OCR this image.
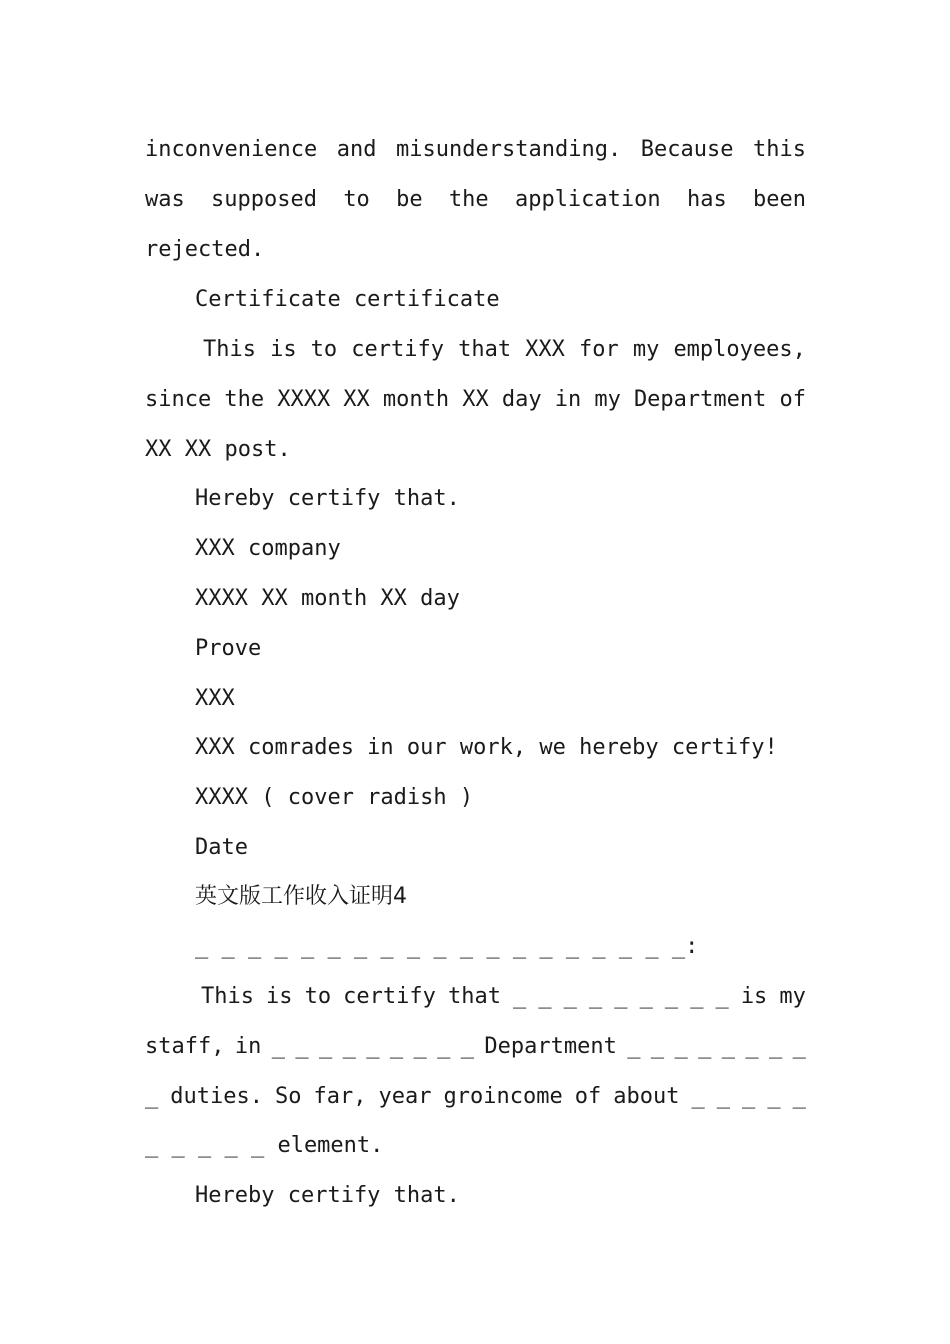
inconvenience and misunderstanding. Because this
was supposed to be the application has been
rejected.
Certificate certificate
This is to certify that XXX for my employees,
since the XXXX XX month XX day in my Department of
XX XX post.
Hereby certify that.
XXX company
XXXX XX month XX day
Prove
XXX
XXX comrades in our work, we hereby certify!
XXXX ( cover radish )
Date
英文版工作收入证明4
_ _ _ _ _ _ _ _ _ _ _ _ _ _ _ _ _ _ _:
This is to certify that _ _ _ _ _ _ _ _ _ is my
staff, in _ _ _ _ _ _ _ _ _ Department _ _ _ _ _ _ _ _
_ duties. So far, year groincome of about _ _ _ _ _
_ _ _ _ _ element.
Hereby certify that.
